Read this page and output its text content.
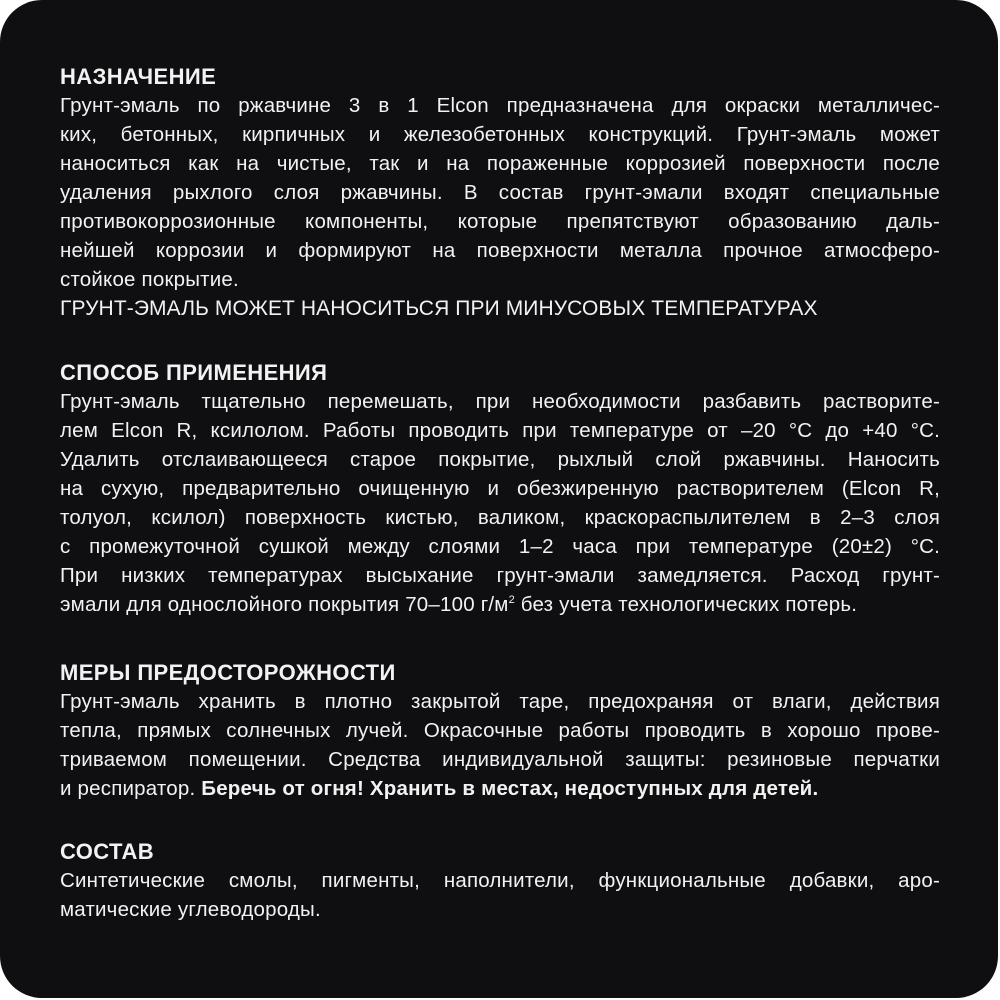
НАЗНАЧЕНИЕ
Грунт-эмаль по ржавчине 3 в 1 Elcon предназначена для окраски металличес-
ких, бетонных, кирпичных и железобетонных конструкций. Грунт-эмаль может
наноситься как на чистые, так и на пораженные коррозией поверхности после
удаления рыхлого слоя ржавчины. В состав грунт-эмали входят специальные
противокоррозионные компоненты, которые препятствуют образованию даль-
нейшей коррозии и формируют на поверхности металла прочное атмосферо-
стойкое покрытие.
ГРУНТ-ЭМАЛЬ МОЖЕТ НАНОСИТЬСЯ ПРИ МИНУСОВЫХ ТЕМПЕРАТУРАХ
СПОСОБ ПРИМЕНЕНИЯ
Грунт-эмаль тщательно перемешать, при необходимости разбавить растворите-
лем Elcon R, ксилолом. Работы проводить при температуре от –20 °С до +40 °С.
Удалить отслаивающееся старое покрытие, рыхлый слой ржавчины. Наносить
на сухую, предварительно очищенную и обезжиренную растворителем (Elcon R,
толуол, ксилол) поверхность кистью, валиком, краскораспылителем в 2–3 слоя
с промежуточной сушкой между слоями 1–2 часа при температуре (20±2) °С.
При низких температурах высыхание грунт-эмали замедляется. Расход грунт-
эмали для однослойного покрытия 70–100 $г/м^2$ без учета технологических потерь.
МЕРЫ ПРЕДОСТОРОЖНОСТИ
Грунт-эмаль хранить в плотно закрытой таре, предохраняя от влаги, действия
тепла, прямых солнечных лучей. Окрасочные работы проводить в хорошо прове-
триваемом помещении. Средства индивидуальной защиты: резиновые перчатки
и респиратор. Беречь от огня! Хранить в местах, недоступных для детей.
СОСТАВ
Синтетические смолы, пигменты, наполнители, функциональные добавки, аро-
матические углеводороды.
